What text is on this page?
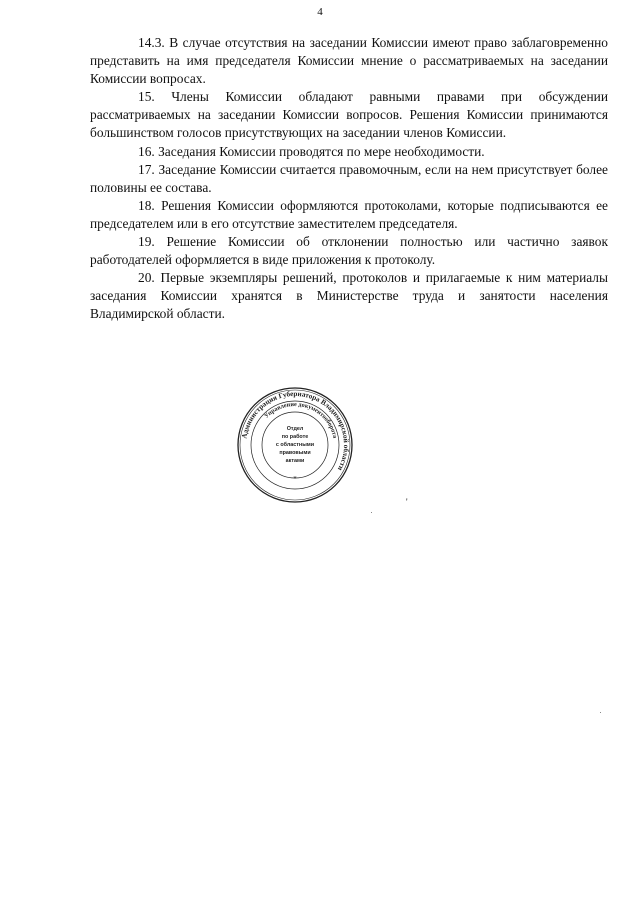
4

14.3. В случае отсутствия на заседании Комиссии имеют право заблаговременно представить на имя председателя Комиссии мнение о рассматриваемых на заседании Комиссии вопросах.

15. Члены Комиссии обладают равными правами при обсуждении рассматриваемых на заседании Комиссии вопросов. Решения Комиссии принимаются большинством голосов присутствующих на заседании членов Комиссии.

16. Заседания Комиссии проводятся по мере необходимости.

17. Заседание Комиссии считается правомочным, если на нем присутствует более половины ее состава.

18. Решения Комиссии оформляются протоколами, которые подписываются ее председателем или в его отсутствие заместителем председателя.

19. Решение Комиссии об отклонении полностью или частично заявок работодателей оформляется в виде приложения к протоколу.

20. Первые экземпляры решений, протоколов и прилагаемые к ним материалы заседания Комиссии хранятся в Министерстве труда и занятости населения Владимирской области.

Администрация Губернатора Владимирской области
Управление документооборота
*
Отдел
по работе
с областными
правовыми
актами
'
